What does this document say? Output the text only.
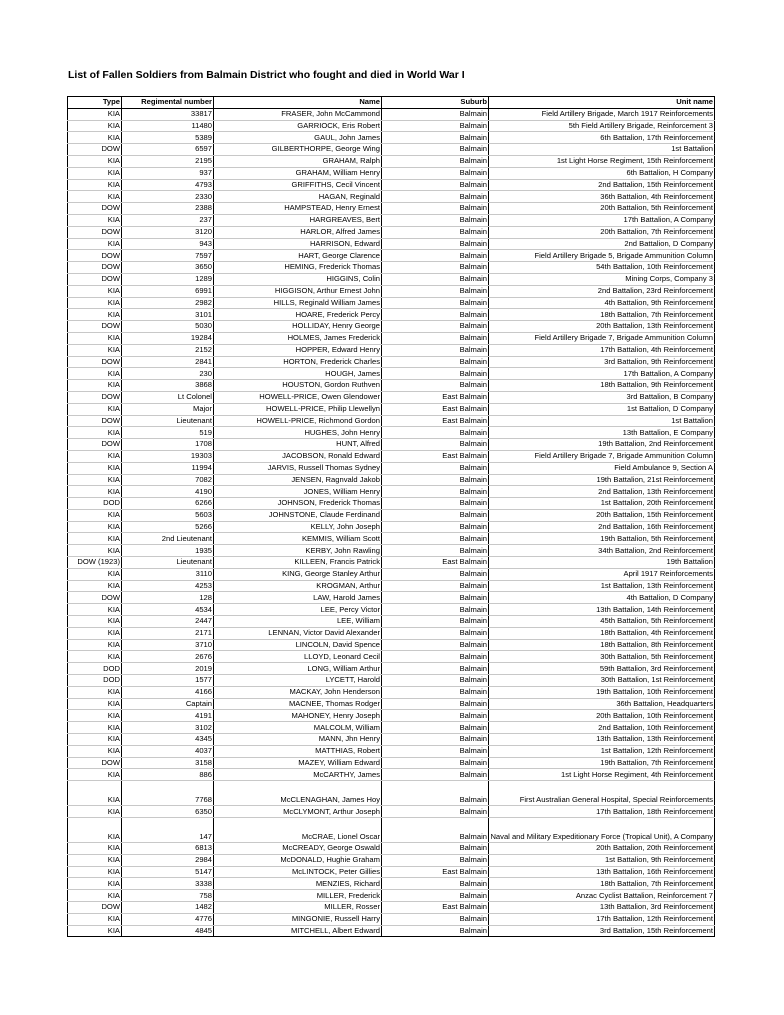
List of Fallen Soldiers from Balmain District who fought and died in World War I
Type	Regimental number	Name	Suburb	Unit name
KIA	33817	FRASER, John McCammond	Balmain	Field Artillery Brigade, March 1917 Reinforcements
KIA	11480	GARRIOCK, Eris Robert	Balmain	5th Field Artillery Brigade, Reinforcement 3
KIA	5389	GAUL, John James	Balmain	6th Battalion, 17th Reinforcement
DOW	6597	GILBERTHORPE, George Wing	Balmain	1st Battalion
KIA	2195	GRAHAM, Ralph	Balmain	1st Light Horse Regiment, 15th Reinforcement
KIA	937	GRAHAM, William Henry	Balmain	6th Battalion, H Company
KIA	4793	GRIFFITHS, Cecil Vincent	Balmain	2nd Battalion, 15th Reinforcement
KIA	2330	HAGAN, Reginald	Balmain	36th Battalion, 4th Reinforcement
DOW	2388	HAMPSTEAD, Henry Ernest	Balmain	20th Battalion, 5th Reinforcement
KIA	237	HARGREAVES, Bert	Balmain	17th Battalion, A Company
DOW	3120	HARLOR, Alfred James	Balmain	20th Battalion, 7th Reinforcement
KIA	943	HARRISON, Edward	Balmain	2nd Battalion, D Company
DOW	7597	HART, George Clarence	Balmain	Field Artillery Brigade 5, Brigade Ammunition Column
DOW	3650	HEMING, Frederick Thomas	Balmain	54th Battalion, 10th Reinforcement
DOW	1289	HIGGINS, Colin	Balmain	Mining Corps, Company 3
KIA	6991	HIGGISON, Arthur Ernest John	Balmain	2nd Battalion, 23rd Reinforcement
KIA	2982	HILLS, Reginald William James	Balmain	4th Battalion, 9th Reinforcement
KIA	3101	HOARE, Frederick Percy	Balmain	18th Battalion, 7th Reinforcement
DOW	5030	HOLLIDAY, Henry George	Balmain	20th Battalion, 13th Reinforcement
KIA	19284	HOLMES, James Frederick	Balmain	Field Artillery Brigade 7, Brigade Ammunition Column
KIA	2152	HOPPER, Edward Henry	Balmain	17th Battalion, 4th Reinforcement
DOW	2841	HORTON, Frederick Charles	Balmain	3rd Battalion, 9th Reinforcement
KIA	230	HOUGH, James	Balmain	17th Battalion, A Company
KIA	3868	HOUSTON, Gordon Ruthven	Balmain	18th Battalion, 9th Reinforcement
DOW	Lt Colonel	HOWELL-PRICE, Owen Glendower	East Balmain	3rd Battalion, B Company
KIA	Major	HOWELL-PRICE, Philip Llewellyn	East Balmain	1st Battalion, D Company
DOW	Lieutenant	HOWELL-PRICE, Richmond Gordon	East Balmain	1st Battalion
KIA	519	HUGHES, John Henry	Balmain	13th Battalion, E Company
DOW	1708	HUNT, Alfred	Balmain	19th Battalion, 2nd Reinforcement
KIA	19303	JACOBSON, Ronald Edward	East Balmain	Field Artillery Brigade 7, Brigade Ammunition Column
KIA	11994	JARVIS, Russell Thomas Sydney	Balmain	Field Ambulance 9, Section A
KIA	7082	JENSEN, Ragnvald Jakob	Balmain	19th Battalion, 21st Reinforcement
KIA	4190	JONES, William Henry	Balmain	2nd Battalion, 13th Reinforcement
DOD	6266	JOHNSON, Frederick Thomas	Balmain	1st Battalion, 20th Reinforcement
KIA	5603	JOHNSTONE, Claude Ferdinand	Balmain	20th Battalion, 15th Reinforcement
KIA	5266	KELLY, John Joseph	Balmain	2nd Battalion, 16th Reinforcement
KIA	2nd Lieutenant	KEMMIS, William Scott	Balmain	19th Battalion, 5th Reinforcement
KIA	1935	KERBY, John Rawling	Balmain	34th Battalion, 2nd Reinforcement
DOW (1923)	Lieutenant	KILLEEN, Francis Patrick	East Balmain	19th Battalion
KIA	3110	KING, George Stanley Arthur	Balmain	April 1917 Reinforcements
KIA	4253	KROGMAN, Arthur	Balmain	1st Battalion, 13th Reinforcement
DOW	128	LAW, Harold James	Balmain	4th Battalion, D Company
KIA	4534	LEE, Percy Victor	Balmain	13th Battalion, 14th Reinforcement
KIA	2447	LEE, William	Balmain	45th Battalion, 5th Reinforcement
KIA	2171	LENNAN, Victor David Alexander	Balmain	18th Battalion, 4th Reinforcement
KIA	3710	LINCOLN, David Spence	Balmain	18th Battalion, 8th Reinforcement
KIA	2676	LLOYD, Leonard Cecil	Balmain	30th Battalion, 5th Reinforcement
DOD	2019	LONG, William Arthur	Balmain	59th Battalion, 3rd Reinforcement
DOD	1577	LYCETT, Harold	Balmain	30th Battalion, 1st Reinforcement
KIA	4166	MACKAY, John Henderson	Balmain	19th Battalion, 10th Reinforcement
KIA	Captain	MACNEE, Thomas Rodger	Balmain	36th Battalion, Headquarters
KIA	4191	MAHONEY, Henry Joseph	Balmain	20th Battalion, 10th Reinforcement
KIA	3102	MALCOLM, William	Balmain	2nd Battalion, 10th Reinforcement
KIA	4345	MANN, Jhn Henry	Balmain	13th Battalion, 13th Reinforcement
KIA	4037	MATTHIAS, Robert	Balmain	1st Battalion, 12th Reinforcement
DOW	3158	MAZEY, William Edward	Balmain	19th Battalion, 7th Reinforcement
KIA	886	McCARTHY, James	Balmain	1st Light Horse Regiment, 4th Reinforcement
KIA	7768	McCLENAGHAN, James Hoy	Balmain	First Australian General Hospital, Special Reinforcements
KIA	6350	McCLYMONT, Arthur Joseph	Balmain	17th Battalion, 18th Reinforcement
KIA	147	McCRAE, Lionel Oscar	Balmain	Naval and Military Expeditionary Force (Tropical Unit), A Company
KIA	6813	McCREADY, George Oswald	Balmain	20th Battalion, 20th Reinforcement
KIA	2984	McDONALD, Hughie Graham	Balmain	1st Battalion, 9th Reinforcement
KIA	5147	McLINTOCK, Peter Gillies	East Balmain	13th Battalion, 16th Reinforcement
KIA	3338	MENZIES, Richard	Balmain	18th Battalion, 7th Reinforcement
KIA	758	MILLER, Frederick	Balmain	Anzac Cyclist Battalion, Reinforcement 7
DOW	1482	MILLER, Rosser	East Balmain	13th Battalion, 3rd Reinforcement
KIA	4776	MINGONIE, Russell Harry	Balmain	17th Battalion, 12th Reinforcement
KIA	4845	MITCHELL, Albert Edward	Balmain	3rd Battalion, 15th Reinforcement
